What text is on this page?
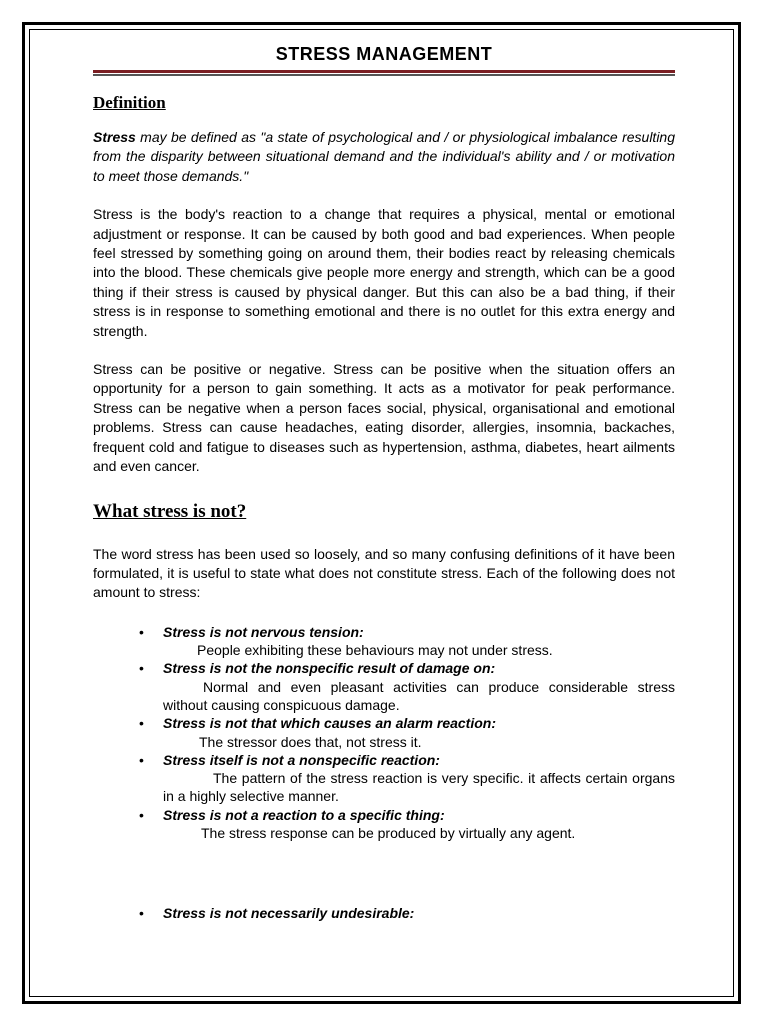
STRESS MANAGEMENT
Definition

Stress may be defined as "a state of psychological and / or physiological imbalance resulting from the disparity between situational demand and the individual's ability and / or motivation to meet those demands."

Stress is the body's reaction to a change that requires a physical, mental or emotional adjustment or response. It can be caused by both good and bad experiences. When people feel stressed by something going on around them, their bodies react by releasing chemicals into the blood. These chemicals give people more energy and strength, which can be a good thing if their stress is caused by physical danger. But this can also be a bad thing, if their stress is in response to something emotional and there is no outlet for this extra energy and strength.

Stress can be positive or negative. Stress can be positive when the situation offers an opportunity for a person to gain something. It acts as a motivator for peak performance. Stress can be negative when a person faces social, physical, organisational and emotional problems. Stress can cause headaches, eating disorder, allergies, insomnia, backaches, frequent cold and fatigue to diseases such as hypertension, asthma, diabetes, heart ailments and even cancer.

What stress is not?

The word stress has been used so loosely, and so many confusing definitions of it have been formulated, it is useful to state what does not constitute stress. Each of the following does not amount to stress:

• Stress is not nervous tension:
People exhibiting these behaviours may not under stress.
• Stress is not the nonspecific result of damage on:
Normal and even pleasant activities can produce considerable stress without causing conspicuous damage.
• Stress is not that which causes an alarm reaction:
The stressor does that, not stress it.
• Stress itself is not a nonspecific reaction:
The pattern of the stress reaction is very specific. it affects certain organs in a highly selective manner.
• Stress is not a reaction to a specific thing:
The stress response can be produced by virtually any agent.
• Stress is not necessarily undesirable:
